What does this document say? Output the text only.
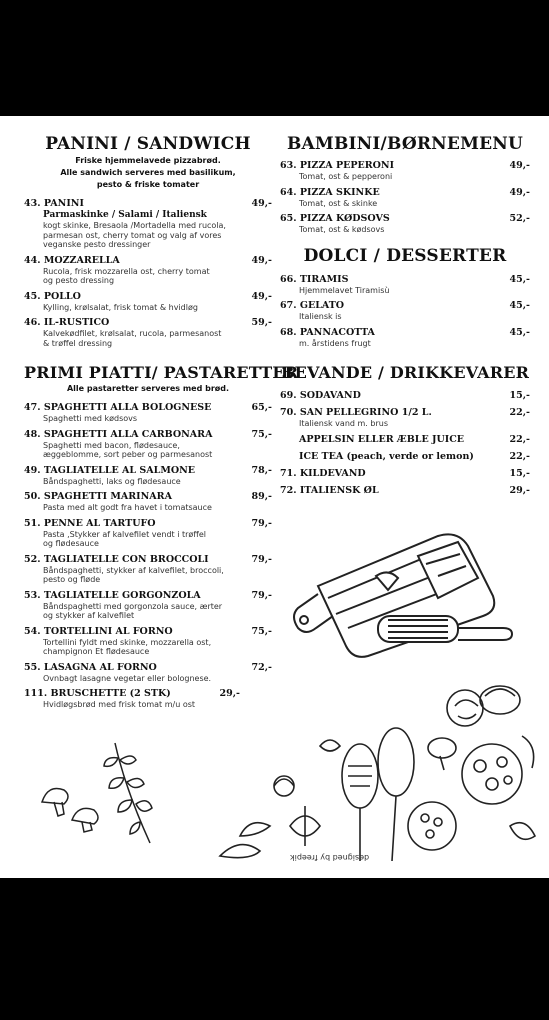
PANINI / SANDWICH
Friske hjemmelavede pizzabrød.
Alle sandwich serveres med basilikum,
pesto & friske tomater
43. PANINI	49,-
Parmaskinke / Salami / Italiensk
kogt skinke, Bresaola /Mortadella med rucola,
parmesan ost, cherry tomat og valg af vores
veganske pesto dressinger
44. MOZZARELLA	49,-
Rucola, frisk mozzarella ost, cherry tomat
og pesto dressing
45. POLLO	49,-
Kylling, krølsalat, frisk tomat & hvidløg
46. IL-RUSTICO	59,-
Kalvekødfilet, krølsalat, rucola, parmesanost
& trøffel dressing
PRIMI PIATTI/ PASTARETTER
Alle pastaretter serveres med brød.
47. SPAGHETTI ALLA BOLOGNESE	65,-
Spaghetti med kødsovs
48. SPAGHETTI ALLA CARBONARA	75,-
Spaghetti med bacon, flødesauce,
æggeblomme, sort peber og parmesanost
49. TAGLIATELLE AL SALMONE	78,-
Båndspaghetti, laks og flødesauce
50. SPAGHETTI MARINARA	89,-
Pasta med alt godt fra havet i tomatsauce
51. PENNE AL TARTUFO	79,-
Pasta ,Stykker af kalvefilet vendt i trøffel
og flødesauce
52. TAGLIATELLE CON BROCCOLI	79,-
Båndspaghetti, stykker af kalvefilet, broccoli,
pesto og fløde
53. TAGLIATELLE GORGONZOLA	79,-
Båndspaghetti med gorgonzola sauce, ærter
og stykker af kalvefilet
54. TORTELLINI AL FORNO	75,-
Tortellini fyldt med skinke, mozzarella ost,
champignon Et flødesauce
55. LASAGNA AL FORNO	72,-
Ovnbagt lasagne vegetar eller bolognese.
111. BRUSCHETTE (2 STK)	29,-
Hvidløgsbrød med frisk tomat m/u ost
BAMBINI/BØRNEMENU
63. PIZZA PEPERONI	49,-
Tomat, ost & pepperoni
64. PIZZA SKINKE	49,-
Tomat, ost & skinke
65. PIZZA KØDSOVS	52,-
Tomat, ost & kødsovs
DOLCI / DESSERTER
66. TIRAMIS	45,-
Hjemmelavet Tiramisù
67. GELATO	45,-
Italiensk is
68. PANNACOTTA	45,-
m. årstidens frugt
BEVANDE / DRIKKEVARER
69. SODAVAND	15,-
70. SAN PELLEGRINO 1/2 L.	22,-
Italiensk vand m. brus
APPELSIN ELLER ÆBLE JUICE	22,-
ICE TEA (peach, verde or lemon)	22,-
71. KILDEVAND	15,-
72. ITALIENSK ØL	29,-
designed by freepik
